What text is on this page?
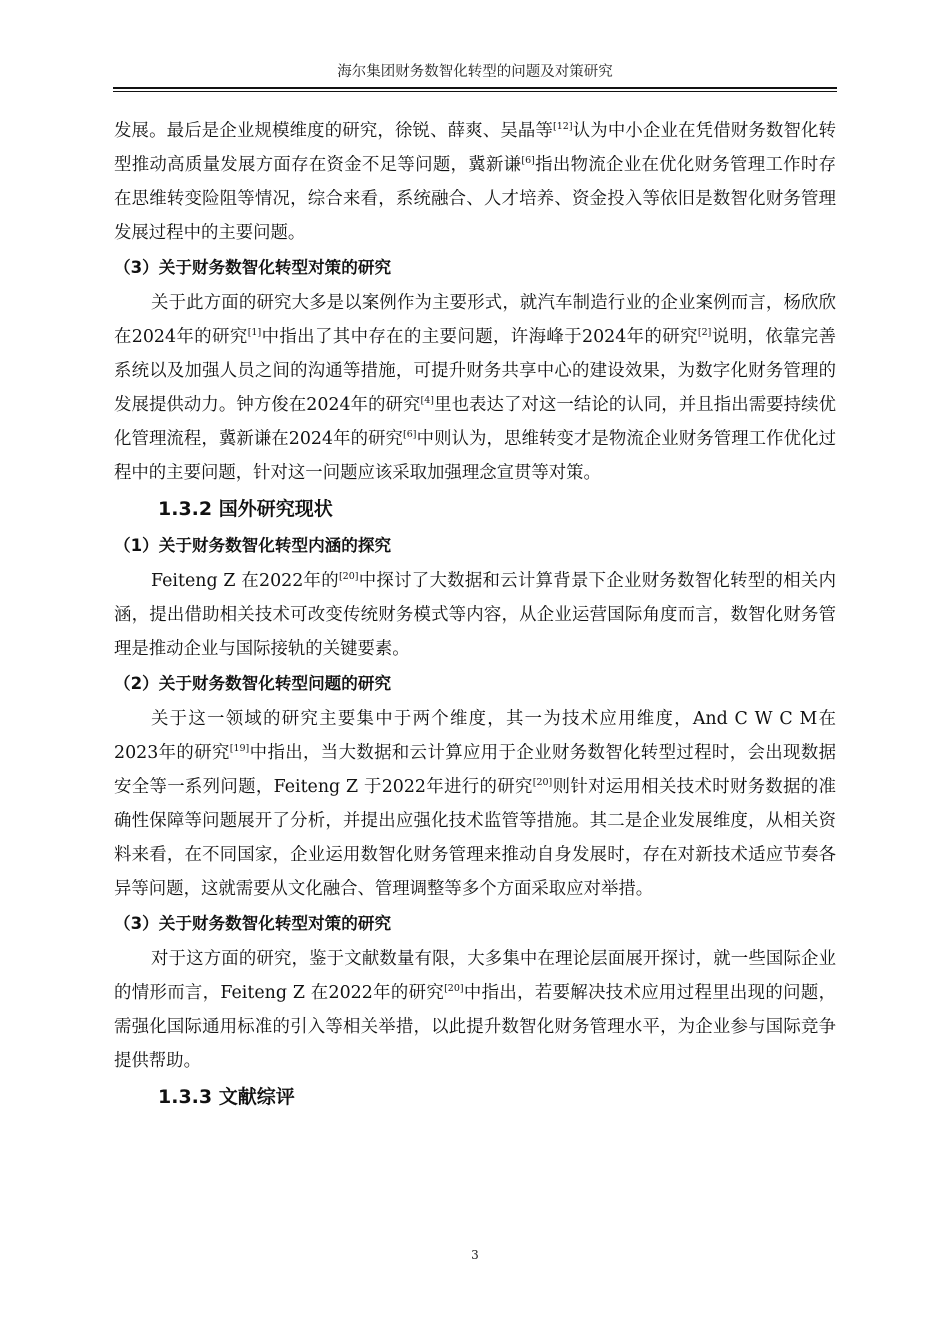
海尔集团财务数智化转型的问题及对策研究

发展。最后是企业规模维度的研究，徐锐、薛爽、吴晶等[12]认为中小企业在凭借财务数智化转型推动高质量发展方面存在资金不足等问题，冀新谦[6]指出物流企业在优化财务管理工作时存在思维转变险阻等情况，综合来看，系统融合、人才培养、资金投入等依旧是数智化财务管理发展过程中的主要问题。

（3）关于财务数智化转型对策的研究

关于此方面的研究大多是以案例作为主要形式，就汽车制造行业的企业案例而言，杨欣欣在2024年的研究[1]中指出了其中存在的主要问题，许海峰于2024年的研究[2]说明，依靠完善系统以及加强人员之间的沟通等措施，可提升财务共享中心的建设效果，为数字化财务管理的发展提供动力。钟方俊在2024年的研究[4]里也表达了对这一结论的认同，并且指出需要持续优化管理流程，冀新谦在2024年的研究[6]中则认为，思维转变才是物流企业财务管理工作优化过程中的主要问题，针对这一问题应该采取加强理念宣贯等对策。

1.3.2 国外研究现状

（1）关于财务数智化转型内涵的探究

Feiteng Z 在2022年的[20]中探讨了大数据和云计算背景下企业财务数智化转型的相关内涵，提出借助相关技术可改变传统财务模式等内容，从企业运营国际角度而言，数智化财务管理是推动企业与国际接轨的关键要素。

（2）关于财务数智化转型问题的研究

关于这一领域的研究主要集中于两个维度，其一为技术应用维度，And C W C M在2023年的研究[19]中指出，当大数据和云计算应用于企业财务数智化转型过程时，会出现数据安全等一系列问题，Feiteng Z 于2022年进行的研究[20]则针对运用相关技术时财务数据的准确性保障等问题展开了分析，并提出应强化技术监管等措施。其二是企业发展维度，从相关资料来看，在不同国家，企业运用数智化财务管理来推动自身发展时，存在对新技术适应节奏各异等问题，这就需要从文化融合、管理调整等多个方面采取应对举措。

（3）关于财务数智化转型对策的研究

对于这方面的研究，鉴于文献数量有限，大多集中在理论层面展开探讨，就一些国际企业的情形而言，Feiteng Z 在2022年的研究[20]中指出，若要解决技术应用过程里出现的问题，需强化国际通用标准的引入等相关举措，以此提升数智化财务管理水平，为企业参与国际竞争提供帮助。

1.3.3 文献综评

3
